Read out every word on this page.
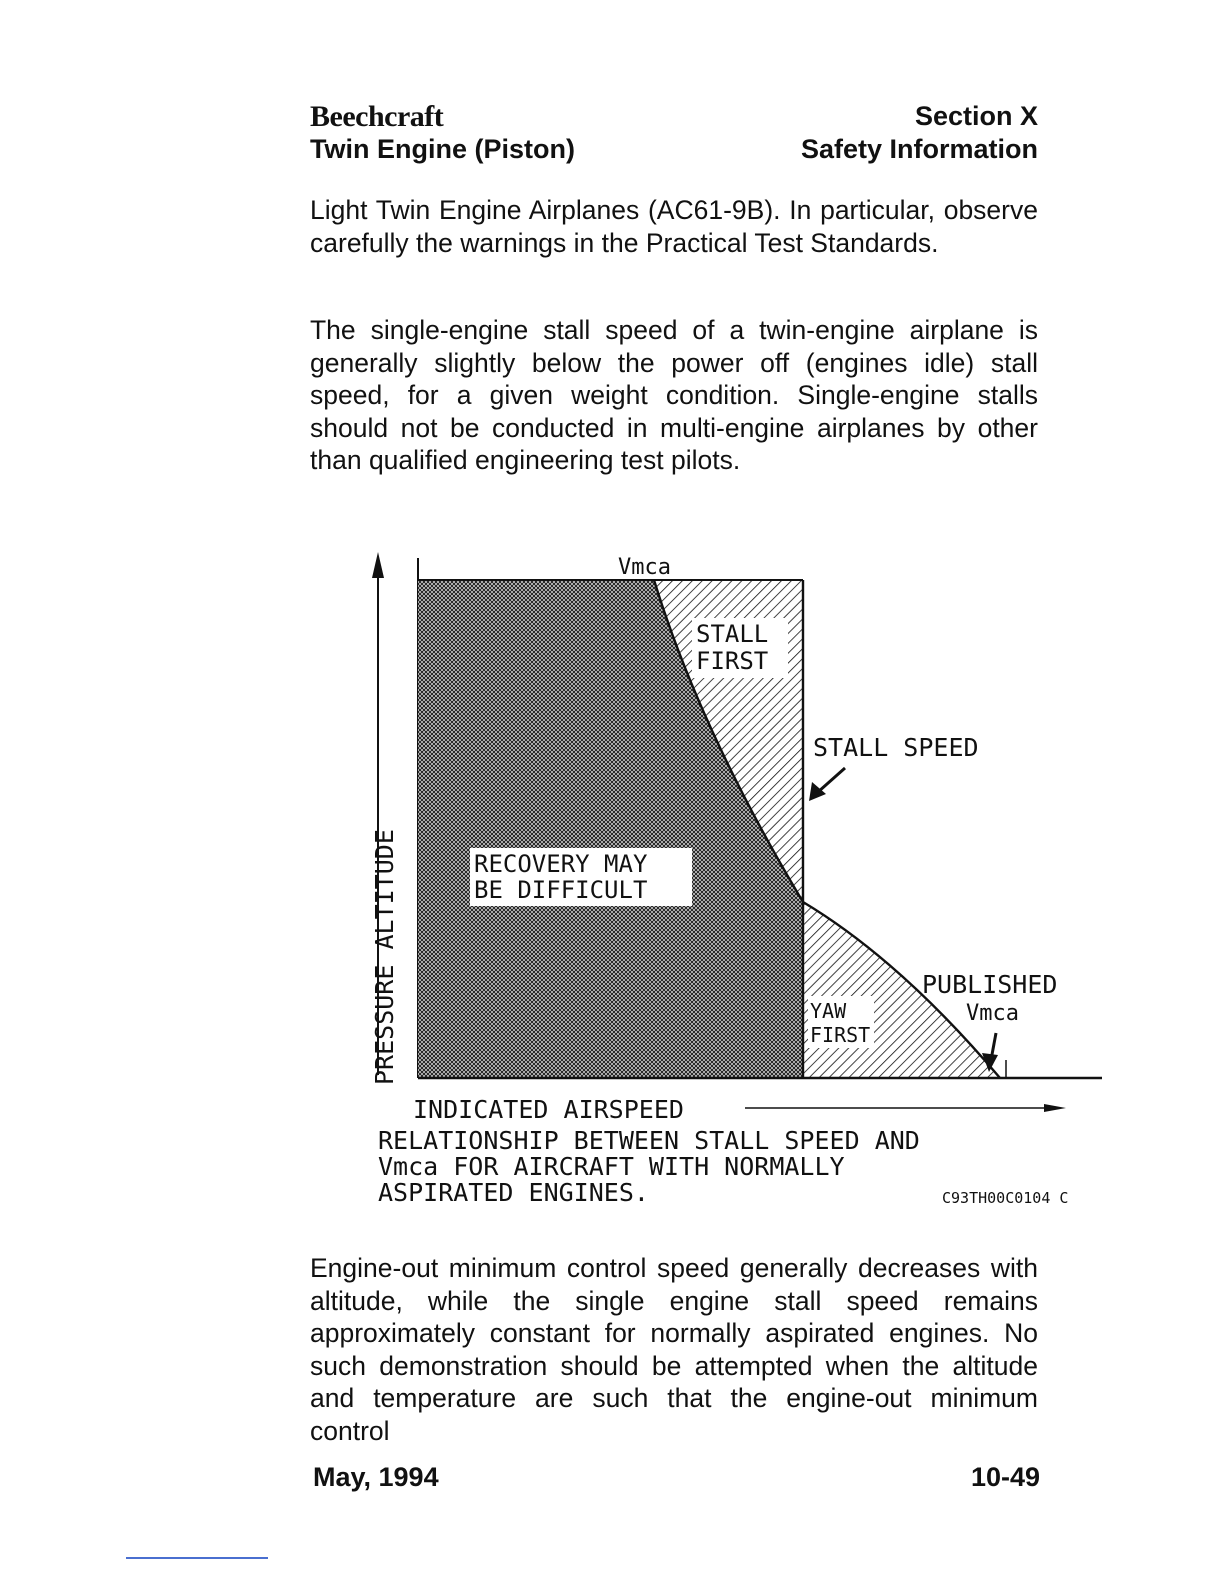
Beechcraft
Twin Engine (Piston)
Section X
Safety Information

Light Twin Engine Airplanes (AC61-9B). In particular, observe carefully the warnings in the Practical Test Standards.

The single-engine stall speed of a twin-engine airplane is generally slightly below the power off (engines idle) stall speed, for a given weight condition. Single-engine stalls should not be conducted in multi-engine airplanes by other than qualified engineering test pilots.

PRESSURE ALTITUDE
Vmca
STALL
FIRST
STALL SPEED
RECOVERY MAY
BE DIFFICULT
YAW
FIRST
PUBLISHED
Vmca
INDICATED AIRSPEED
RELATIONSHIP BETWEEN STALL SPEED AND
Vmca FOR AIRCRAFT WITH NORMALLY
ASPIRATED ENGINES.	C93TH00C0104 C

Engine-out minimum control speed generally decreases with altitude, while the single engine stall speed remains approximately constant for normally aspirated engines. No such demonstration should be attempted when the altitude and temperature are such that the engine-out minimum control

May, 1994	10-49
